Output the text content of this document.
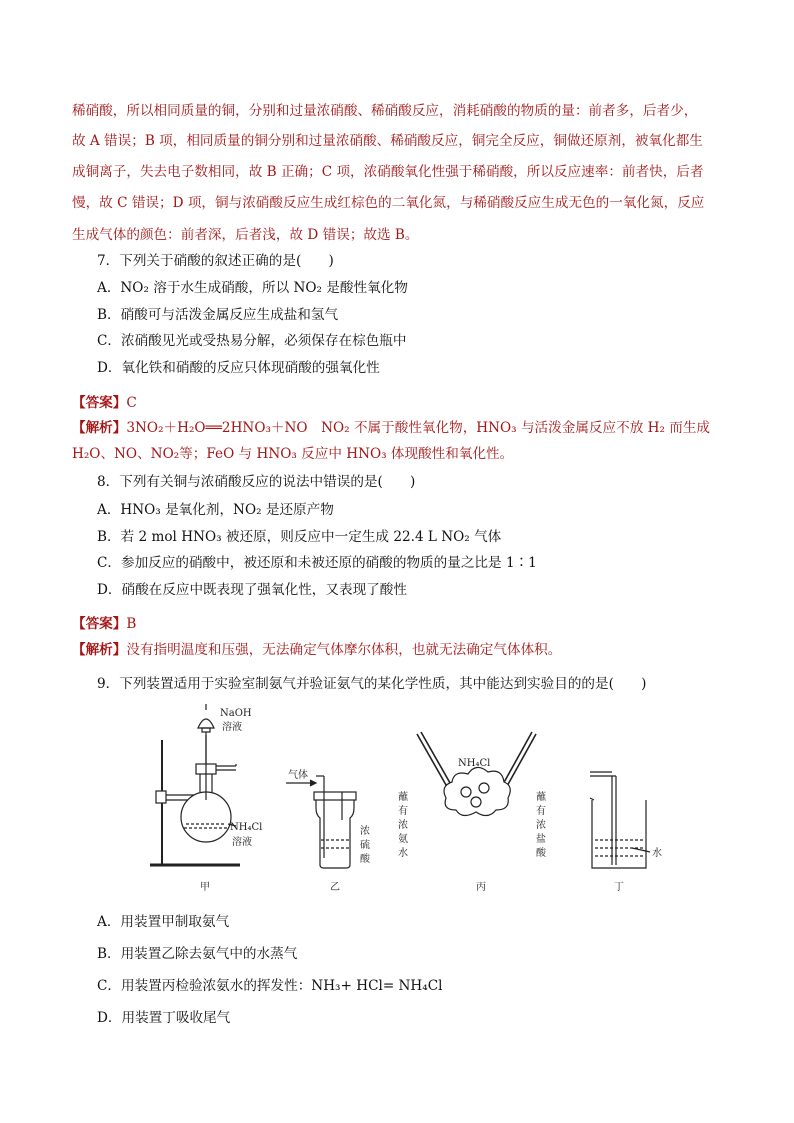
稀硝酸，所以相同质量的铜，分别和过量浓硝酸、稀硝酸反应，消耗硝酸的物质的量：前者多，后者少，
故 A 错误；B 项，相同质量的铜分别和过量浓硝酸、稀硝酸反应，铜完全反应，铜做还原剂，被氧化都生
成铜离子，失去电子数相同，故 B 正确；C 项，浓硝酸氧化性强于稀硝酸，所以反应速率：前者快，后者
慢，故 C 错误；D 项，铜与浓硝酸反应生成红棕色的二氧化氮，与稀硝酸反应生成无色的一氧化氮，反应
生成气体的颜色：前者深，后者浅，故 D 错误；故选 B。
7．下列关于硝酸的叙述正确的是(　　)
A．NO₂ 溶于水生成硝酸，所以 NO₂ 是酸性氧化物
B．硝酸可与活泼金属反应生成盐和氢气
C．浓硝酸见光或受热易分解，必须保存在棕色瓶中
D．氧化铁和硝酸的反应只体现硝酸的强氧化性
【答案】C
【解析】3NO₂＋H₂O══2HNO₃＋NO　NO₂ 不属于酸性氧化物，HNO₃ 与活泼金属反应不放 H₂ 而生成
H₂O、NO、NO₂等；FeO 与 HNO₃ 反应中 HNO₃ 体现酸性和氧化性。
8．下列有关铜与浓硝酸反应的说法中错误的是(　　)
A．HNO₃ 是氧化剂，NO₂ 是还原产物
B．若 2 mol HNO₃ 被还原，则反应中一定生成 22.4 L NO₂ 气体
C．参加反应的硝酸中，被还原和未被还原的硝酸的物质的量之比是 1∶1
D．硝酸在反应中既表现了强氧化性，又表现了酸性
【答案】B
【解析】没有指明温度和压强，无法确定气体摩尔体积，也就无法确定气体体积。
9．下列装置适用于实验室制氨气并验证氨气的某化学性质，其中能达到实验目的的是(　　)
NaOH
溶液
NH₄Cl
溶液
甲
气体
浓
硫
酸
乙
NH₄Cl
蘸
有
浓
氨
水
蘸
有
浓
盐
酸
丙
水
丁
A．用装置甲制取氨气
B．用装置乙除去氨气中的水蒸气
C．用装置丙检验浓氨水的挥发性：NH₃+ HCl= NH₄Cl
D．用装置丁吸收尾气
